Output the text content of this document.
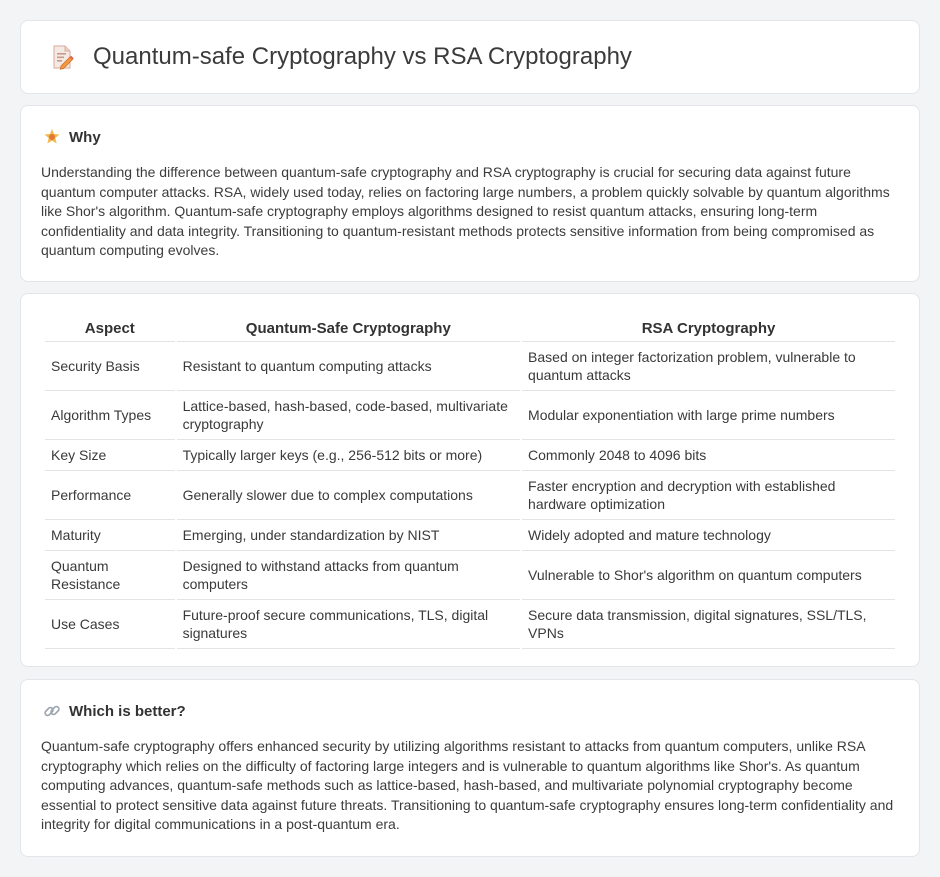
Quantum-safe Cryptography vs RSA Cryptography
Why

Understanding the difference between quantum-safe cryptography and RSA cryptography is crucial for securing data against future quantum computer attacks. RSA, widely used today, relies on factoring large numbers, a problem quickly solvable by quantum algorithms like Shor's algorithm. Quantum-safe cryptography employs algorithms designed to resist quantum attacks, ensuring long-term confidentiality and data integrity. Transitioning to quantum-resistant methods protects sensitive information from being compromised as quantum computing evolves.

Aspect	Quantum-Safe Cryptography	RSA Cryptography
Security Basis	Resistant to quantum computing attacks	Based on integer factorization problem, vulnerable to quantum attacks
Algorithm Types	Lattice-based, hash-based, code-based, multivariate cryptography	Modular exponentiation with large prime numbers
Key Size	Typically larger keys (e.g., 256-512 bits or more)	Commonly 2048 to 4096 bits
Performance	Generally slower due to complex computations	Faster encryption and decryption with established hardware optimization
Maturity	Emerging, under standardization by NIST	Widely adopted and mature technology
Quantum Resistance	Designed to withstand attacks from quantum computers	Vulnerable to Shor's algorithm on quantum computers
Use Cases	Future-proof secure communications, TLS, digital signatures	Secure data transmission, digital signatures, SSL/TLS, VPNs
Which is better?

Quantum-safe cryptography offers enhanced security by utilizing algorithms resistant to attacks from quantum computers, unlike RSA cryptography which relies on the difficulty of factoring large integers and is vulnerable to quantum algorithms like Shor's. As quantum computing advances, quantum-safe methods such as lattice-based, hash-based, and multivariate polynomial cryptography become essential to protect sensitive data against future threats. Transitioning to quantum-safe cryptography ensures long-term confidentiality and integrity for digital communications in a post-quantum era.
